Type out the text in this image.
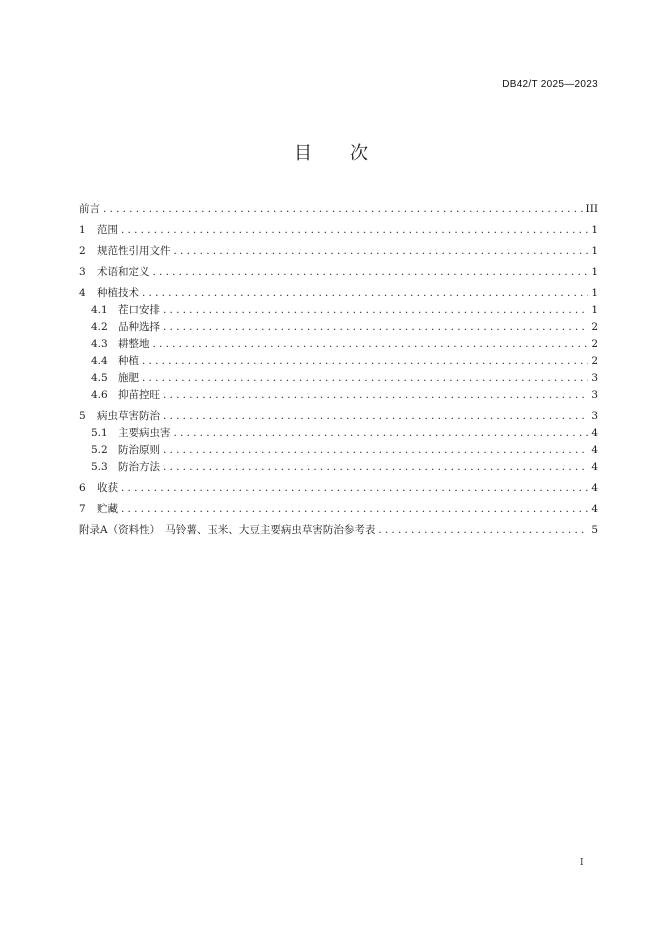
DB42/T 2025—2023
目 次
前言 .....	III
1	范围 .....	1
2	规范性引用文件 .....	1
3	术语和定义 .....	1
4	种植技术 .....	1
4.1 茬口安排 .....	1
4.2 品种选择 .....	2
4.3 耕整地 .....	2
4.4 种植 .....	2
4.5 施肥 .....	3
4.6 抑苗控旺 .....	3
5	病虫草害防治 .....	3
5.1 主要病虫害 .....	4
5.2 防治原则 .....	4
5.3 防治方法 .....	4
6	收获 .....	4
7	贮藏 .....	4
附录A（资料性）　马铃薯、玉米、大豆主要病虫草害防治参考表 .....	5
I
